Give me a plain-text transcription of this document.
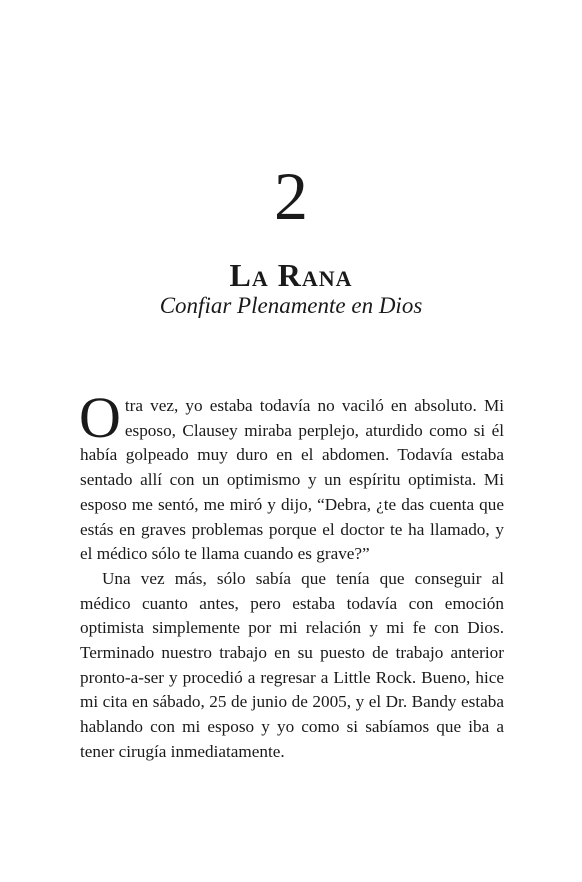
2
La Rana
Confiar Plenamente en Dios

Otra vez, yo estaba todavía no vaciló en absoluto. Mi esposo, Clausey miraba perplejo, aturdido como si él había golpeado muy duro en el abdomen. Todavía estaba sentado allí con un optimismo y un espíritu optimista. Mi esposo me sentó, me miró y dijo, “Debra, ¿te das cuenta que estás en graves problemas porque el doctor te ha llamado, y el médico sólo te llama cuando es grave?”

Una vez más, sólo sabía que tenía que conseguir al médico cuanto antes, pero estaba todavía con emoción optimista simplemente por mi relación y mi fe con Dios. Terminado nuestro trabajo en su puesto de trabajo anterior pronto-a-ser y procedió a regresar a Little Rock. Bueno, hice mi cita en sábado, 25 de junio de 2005, y el Dr. Bandy estaba hablando con mi esposo y yo como si sabíamos que iba a tener cirugía inmediatamente.
